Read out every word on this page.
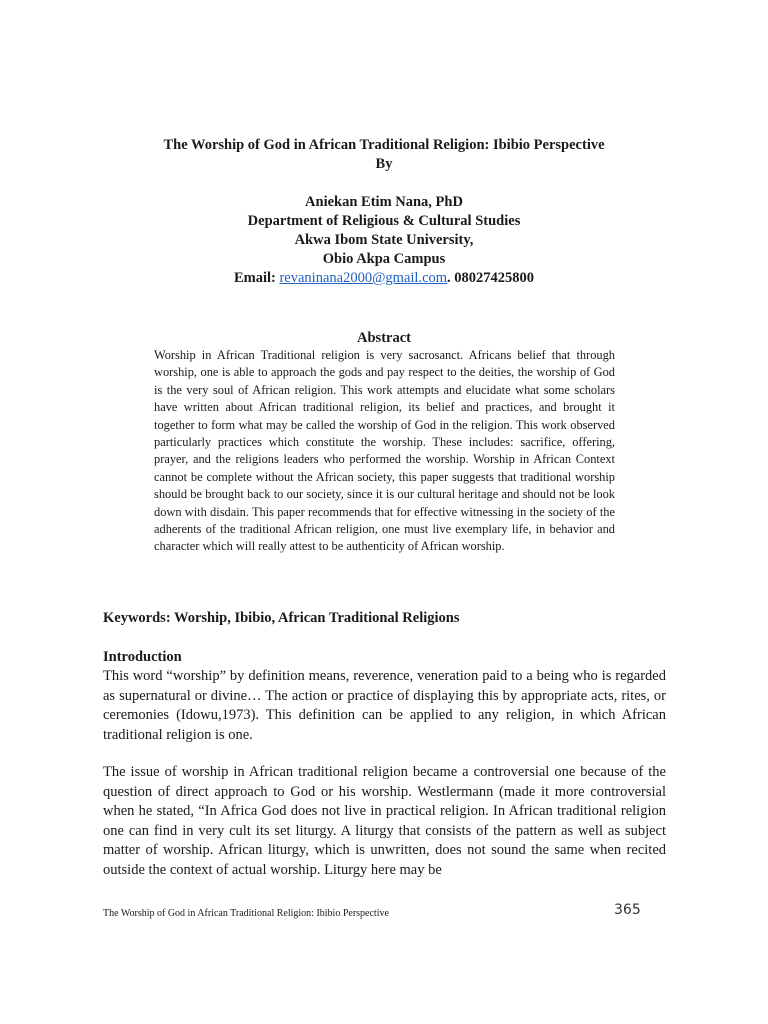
The Worship of God in African Traditional Religion: Ibibio Perspective
By
Aniekan Etim Nana, PhD
Department of Religious & Cultural Studies
Akwa Ibom State University,
Obio Akpa Campus
Email: revaninana2000@gmail.com. 08027425800
Abstract
Worship in African Traditional religion is very sacrosanct. Africans belief that through worship, one is able to approach the gods and pay respect to the deities, the worship of God is the very soul of African religion. This work attempts and elucidate what some scholars have written about African traditional religion, its belief and practices, and brought it together to form what may be called the worship of God in the religion. This work observed particularly practices which constitute the worship. These includes: sacrifice, offering, prayer, and the religions leaders who performed the worship. Worship in African Context cannot be complete without the African society, this paper suggests that traditional worship should be brought back to our society, since it is our cultural heritage and should not be look down with disdain. This paper recommends that for effective witnessing in the society of the adherents of the traditional African religion, one must live exemplary life, in behavior and character which will really attest to be authenticity of African worship.
Keywords: Worship, Ibibio, African Traditional Religions
Introduction
This word “worship” by definition means, reverence, veneration paid to a being who is regarded as supernatural or divine… The action or practice of displaying this by appropriate acts, rites, or ceremonies (Idowu,1973). This definition can be applied to any religion, in which African traditional religion is one.
The issue of worship in African traditional religion became a controversial one because of the question of direct approach to God or his worship. Westlermann (made it more controversial when he stated, “In Africa God does not live in practical religion. In African traditional religion one can find in very cult its set liturgy. A liturgy that consists of the pattern as well as subject matter of worship. African liturgy, which is unwritten, does not sound the same when recited outside the context of actual worship. Liturgy here may be
The Worship of God in African Traditional Religion: Ibibio Perspective	365
